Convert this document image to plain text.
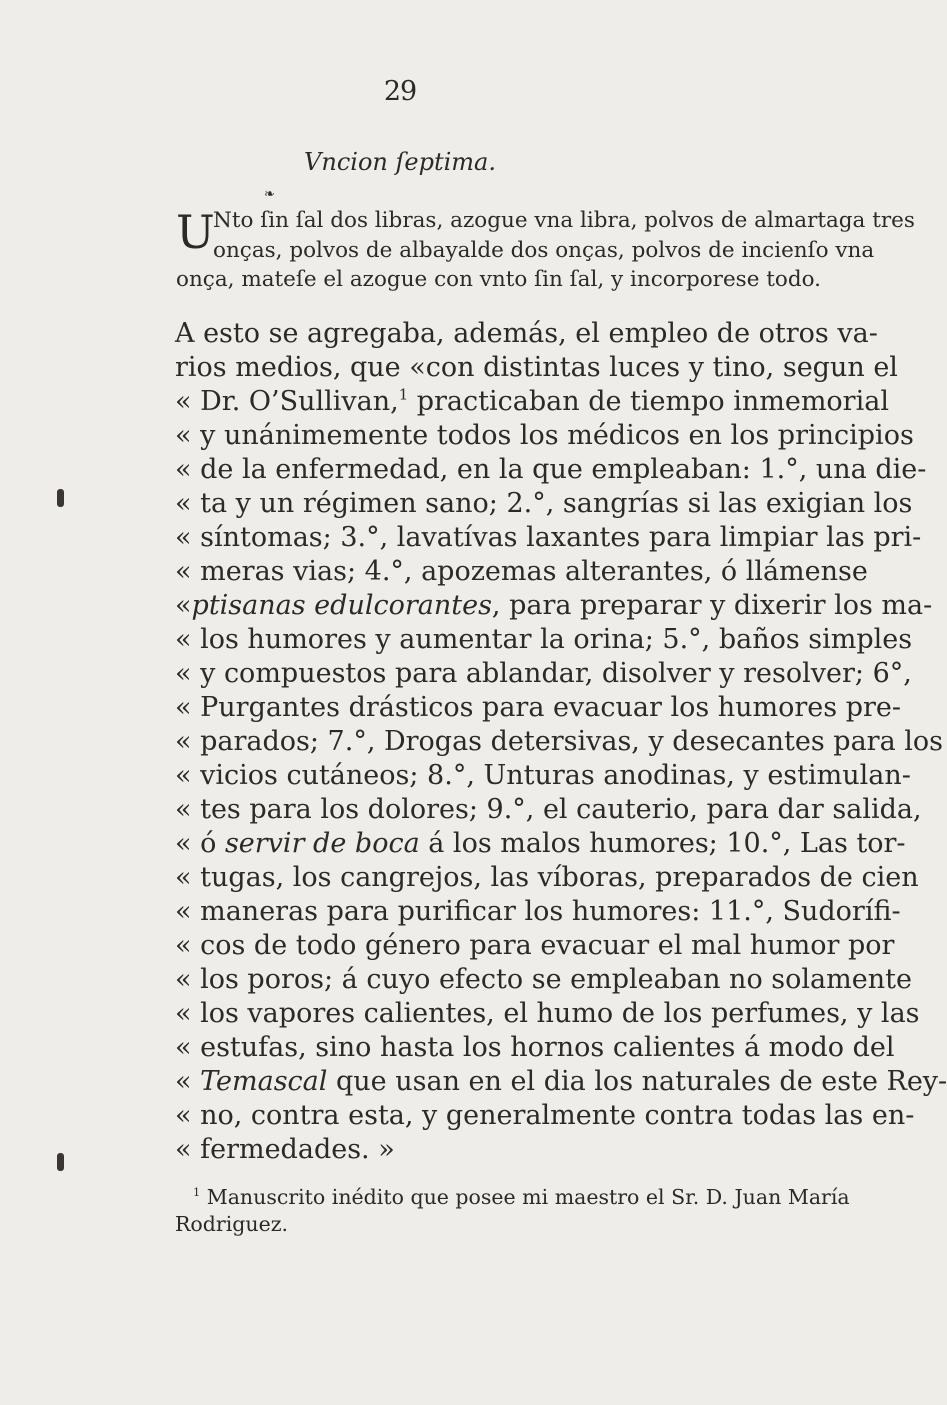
29
Vncion ſeptima.
❧
U
Nto ſin ſal dos libras, azogue vna libra, polvos de almartaga tres
onças, polvos de albayalde dos onças, polvos de incienſo vna
onça, mateſe el azogue con vnto ſin ſal, y incorporese todo.
A esto se agregaba, además, el empleo de otros va-
rios medios, que «con distintas luces y tino, segun el
« Dr. O’Sullivan,$^1$ practicaban de tiempo inmemorial
« y unánimemente todos los médicos en los principios
« de la enfermedad, en la que empleaban: 1.°, una die-
« ta y un régimen sano; 2.°, sangrías si las exigian los
« síntomas; 3.°, lavatívas laxantes para limpiar las pri-
« meras vias; 4.°, apozemas alterantes, ó llámense
«ptisanas edulcorantes, para preparar y dixerir los ma-
« los humores y aumentar la orina; 5.°, baños simples
« y compuestos para ablandar, disolver y resolver; 6°,
« Purgantes drásticos para evacuar los humores pre-
« parados; 7.°, Drogas detersivas, y desecantes para los
« vicios cutáneos; 8.°, Unturas anodinas, y estimulan-
« tes para los dolores; 9.°, el cauterio, para dar salida,
« ó servir de boca á los malos humores; 10.°, Las tor-
« tugas, los cangrejos, las víboras, preparados de cien
« maneras para purificar los humores: 11.°, Sudorífi-
« cos de todo género para evacuar el mal humor por
« los poros; á cuyo efecto se empleaban no solamente
« los vapores calientes, el humo de los perfumes, y las
« estufas, sino hasta los hornos calientes á modo del
« Temascal que usan en el dia los naturales de este Rey-
« no, contra esta, y generalmente contra todas las en-
« fermedades. »
$^1$ Manuscrito inédito que posee mi maestro el Sr. D. Juan María
Rodriguez.
